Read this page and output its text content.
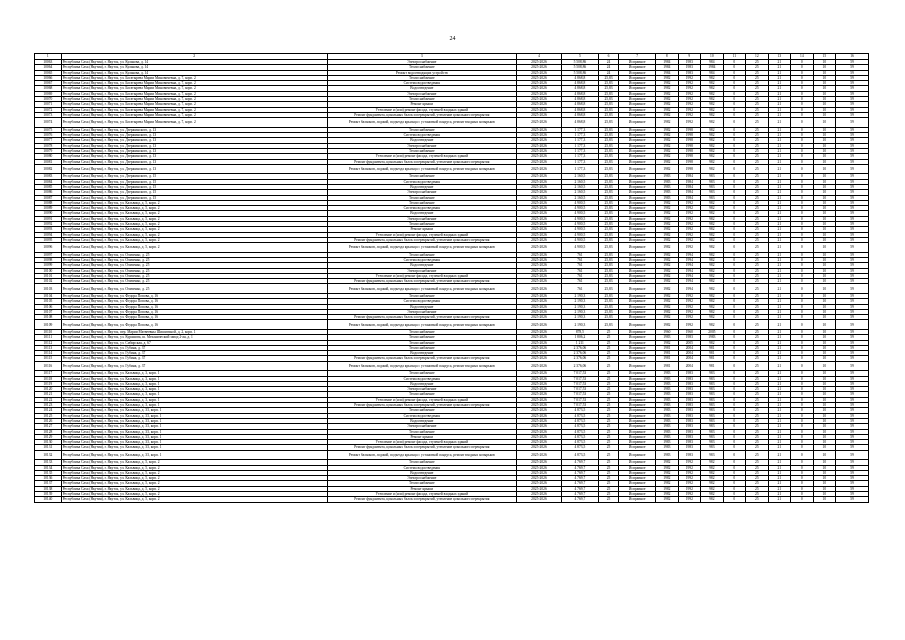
24
1	2	3	4	5	6	7	8	9	10	11	12	13	14	15	16
10063	Республика Саха (Якутия), г. Якутск, ул. Кулакова, д. 14	Электроснабжение	2025-2026	5 508,86	24	Исправное	1984	1983	984	0	25	21	0	10	59
10064	Республика Саха (Якутия), г. Якутск, ул. Кулакова, д. 14	Теплоснабжение	2025-2026	5 508,86	24	Исправное	1984	1983	1984	0	25	21	0	10	59
10065	Республика Саха (Якутия), г. Якутск, ул. Кулакова, д. 14	Ремонт водоотводящих устройств	2025-2026	5 508,86	24	Исправное	1984	1983	984	0	25	21	0	10	59
10066	Республика Саха (Якутия), г. Якутск, ул. Богатырева Марии Миновичевна, д. 7, корп. 2	Теплоснабжение	2025-2026	4 868,8	25,83	Исправное	1982	1992	982	0	25	21	0	10	59
10067	Республика Саха (Якутия), г. Якутск, ул. Богатырева Марии Миновичевна, д. 7, корп. 2	Система водоотведения	2025-2026	4 868,8	25,83	Исправное	1982	1992	982	0	25	21	0	10	59
10068	Республика Саха (Якутия), г. Якутск, ул. Богатырева Марии Миновичевна, д. 7, корп. 2	Водоотведение	2025-2026	4 868,8	25,83	Исправное	1982	1992	982	0	25	21	0	10	59
10069	Республика Саха (Якутия), г. Якутск, ул. Богатырева Марии Миновичевна, д. 7, корп. 2	Электроснабжение	2025-2026	4 868,8	25,83	Исправное	1982	1992	982	0	25	21	0	10	59
10070	Республика Саха (Якутия), г. Якутск, ул. Богатырева Марии Миновичевна, д. 7, корп. 2	Теплоснабжение	2025-2026	4 868,8	25,83	Исправное	1982	1992	982	0	25	21	0	10	59
10071	Республика Саха (Якутия), г. Якутск, ул. Богатырева Марии Миновичевна, д. 7, корп. 2	Ремонт крыши	2025-2026	4 868,8	25,83	Исправное	1982	1992	982	0	25	21	0	10	59
10072	Республика Саха (Якутия), г. Якутск, ул. Богатырева Марии Миновичевна, д. 7, корп. 2	Утепление и (или) ремонт фасада, ступеней входных зданий	2025-2026	4 868,8	25,83	Исправное	1982	1992	982	0	25	21	0	10	59
10073	Республика Саха (Якутия), г. Якутск, ул. Богатырева Марии Миновичевна, д. 7, корп. 2	Ремонт фундамента, цокольных балок и перекрытий, утепление цокольного перекрытия	2025-2026	4 868,8	25,83	Исправное	1982	1992	982	0	25	21	0	10	59
10074	Республика Саха (Якутия), г. Якутск, ул. Богатырева Марии Миновичевна, д. 7, корп. 2	Ремонт балконов, лоджий, подъезда крыльца с установкой пандуса, ремонт входных козырьков	2025-2026	4 868,8	25,83	Исправное	1982	1992	982	0	25	21	0	10	59
10075	Республика Саха (Якутия), г. Якутск, ул. Дзержинского, д. 13	Теплоснабжение	2025-2026	1 177,3	25,83	Исправное	1982	1998	982	0	25	21	0	10	59
10076	Республика Саха (Якутия), г. Якутск, ул. Дзержинского, д. 13	Система водоотведения	2025-2026	1 177,3	25,83	Исправное	1982	1998	982	0	25	21	0	10	59
10077	Республика Саха (Якутия), г. Якутск, ул. Дзержинского, д. 13	Водоотведение	2025-2026	1 177,3	25,83	Исправное	1982	1998	982	0	25	21	0	10	59
10078	Республика Саха (Якутия), г. Якутск, ул. Дзержинского, д. 13	Электроснабжение	2025-2026	1 177,3	25,83	Исправное	1982	1998	982	0	25	21	0	10	59
10079	Республика Саха (Якутия), г. Якутск, ул. Дзержинского, д. 13	Теплоснабжение	2025-2026	1 177,3	25,83	Исправное	1982	1998	982	0	25	21	0	10	59
10080	Республика Саха (Якутия), г. Якутск, ул. Дзержинского, д. 13	Утепление и (или) ремонт фасада, ступеней входных зданий	2025-2026	1 177,3	25,83	Исправное	1982	1998	982	0	25	21	0	10	59
10081	Республика Саха (Якутия), г. Якутск, ул. Дзержинского, д. 13	Ремонт фундамента, цокольных балок и перекрытий, утепление цокольного перекрытия	2025-2026	1 177,3	25,83	Исправное	1982	1998	982	0	25	21	0	10	59
10082	Республика Саха (Якутия), г. Якутск, ул. Дзержинского, д. 13	Ремонт балконов, лоджий, подъезда крыльца с установкой пандуса, ремонт входных козырьков	2025-2026	1 177,3	25,83	Исправное	1982	1998	982	0	25	21	0	10	59
10083	Республика Саха (Якутия), г. Якутск, ул. Дзержинского, д. 15	Теплоснабжение	2025-2026	2 160,5	25,83	Исправное	1983	1984	983	0	25	21	0	10	59
10084	Республика Саха (Якутия), г. Якутск, ул. Дзержинского, д. 15	Система водоотведения	2025-2026	2 160,5	25,83	Исправное	1983	1984	983	0	25	21	0	10	59
10085	Республика Саха (Якутия), г. Якутск, ул. Дзержинского, д. 15	Водоотведение	2025-2026	2 160,5	25,83	Исправное	1983	1984	983	0	25	21	0	10	59
10086	Республика Саха (Якутия), г. Якутск, ул. Дзержинского, д. 15	Электроснабжение	2025-2026	2 160,5	25,83	Исправное	1983	1984	983	0	25	21	0	10	59
10087	Республика Саха (Якутия), г. Якутск, ул. Дзержинского, д. 15	Теплоснабжение	2025-2026	2 160,5	25,83	Исправное	1983	1984	983	0	25	21	0	10	59
10088	Республика Саха (Якутия), г. Якутск, ул. Кальвица, д. 5, корп. 2	Теплоснабжение	2025-2026	4 900,5	25,83	Исправное	1982	1992	982	0	25	21	0	10	59
10089	Республика Саха (Якутия), г. Якутск, ул. Кальвица, д. 5, корп. 2	Система водоотведения	2025-2026	4 900,5	25,83	Исправное	1982	1992	982	0	25	21	0	10	59
10090	Республика Саха (Якутия), г. Якутск, ул. Кальвица, д. 5, корп. 2	Водоотведение	2025-2026	4 900,5	25,83	Исправное	1982	1992	982	0	25	21	0	10	59
10091	Республика Саха (Якутия), г. Якутск, ул. Кальвица, д. 5, корп. 2	Электроснабжение	2025-2026	4 900,5	25,83	Исправное	1982	1992	982	0	25	21	0	10	59
10092	Республика Саха (Якутия), г. Якутск, ул. Кальвица, д. 5, корп. 2	Теплоснабжение	2025-2026	4 900,5	25,83	Исправное	1982	1992	982	0	25	21	0	10	59
10093	Республика Саха (Якутия), г. Якутск, ул. Кальвица, д. 5, корп. 2	Ремонт крыши	2025-2026	4 900,5	25,83	Исправное	1982	1992	982	0	25	21	0	10	59
10094	Республика Саха (Якутия), г. Якутск, ул. Кальвица, д. 5, корп. 2	Утепление и (или) ремонт фасада, ступеней входных зданий	2025-2026	4 900,5	25,83	Исправное	1982	1992	982	0	25	21	0	10	59
10095	Республика Саха (Якутия), г. Якутск, ул. Кальвица, д. 5, корп. 2	Ремонт фундамента, цокольных балок и перекрытий, утепление цокольного перекрытия	2025-2026	4 900,5	25,83	Исправное	1982	1992	982	0	25	21	0	10	59
10096	Республика Саха (Якутия), г. Якутск, ул. Кальвица, д. 5, корп. 2	Ремонт балконов, лоджий, подъезда крыльца с установкой пандуса, ремонт входных козырьков	2025-2026	4 900,5	25,83	Исправное	1982	1992	982	0	25	21	0	10	59
10097	Республика Саха (Якутия), г. Якутск, ул. Очиченко, д. 25	Теплоснабжение	2025-2026	761	25,83	Исправное	1982	1994	982	0	25	21	0	10	59
10098	Республика Саха (Якутия), г. Якутск, ул. Очиченко, д. 25	Система водоотведения	2025-2026	761	25,83	Исправное	1982	1994	982	0	25	21	0	10	59
10099	Республика Саха (Якутия), г. Якутск, ул. Очиченко, д. 25	Водоотведение	2025-2026	761	25,83	Исправное	1982	1994	982	0	25	21	0	10	59
10100	Республика Саха (Якутия), г. Якутск, ул. Очиченко, д. 25	Электроснабжение	2025-2026	761	25,83	Исправное	1982	1994	982	0	25	21	0	10	59
10101	Республика Саха (Якутия), г. Якутск, ул. Очиченко, д. 25	Утепление и (или) ремонт фасада, ступеней входных зданий	2025-2026	761	25,83	Исправное	1982	1994	982	0	25	21	0	10	59
10102	Республика Саха (Якутия), г. Якутск, ул. Очиченко, д. 25	Ремонт фундамента, цокольных балок и перекрытий, утепление цокольного перекрытия	2025-2026	761	25,83	Исправное	1982	1994	982	0	25	21	0	10	59
10103	Республика Саха (Якутия), г. Якутск, ул. Очиченко, д. 25	Ремонт балконов, лоджий, подъезда крыльца с установкой пандуса, ремонт входных козырьков	2025-2026	761	25,83	Исправное	1982	1994	982	0	25	21	0	10	59
10104	Республика Саха (Якутия), г. Якутск, ул. Федора Попова, д. 16	Теплоснабжение	2025-2026	2 190,3	25,83	Исправное	1982	1992	982	0	25	21	0	10	59
10105	Республика Саха (Якутия), г. Якутск, ул. Федора Попова, д. 16	Система водоотведения	2025-2026	2 190,3	25,83	Исправное	1982	1992	982	0	25	21	0	10	59
10106	Республика Саха (Якутия), г. Якутск, ул. Федора Попова, д. 16	Водоотведение	2025-2026	2 190,3	25,83	Исправное	1982	1992	982	0	25	21	0	10	59
10107	Республика Саха (Якутия), г. Якутск, ул. Федора Попова, д. 16	Электроснабжение	2025-2026	2 190,3	25,83	Исправное	1982	1992	982	0	25	21	0	10	59
10108	Республика Саха (Якутия), г. Якутск, ул. Федора Попова, д. 16	Ремонт фундамента, цокольных балок и перекрытий, утепление цокольного перекрытия	2025-2026	2 190,3	25,83	Исправное	1982	1992	982	0	25	21	0	10	59
10109	Республика Саха (Якутия), г. Якутск, ул. Федора Попова, д. 16	Ремонт балконов, лоджий, подъезда крыльца с установкой пандуса, ремонт входных козырьков	2025-2026	2 190,3	25,83	Исправное	1982	1992	982	0	25	21	0	10	59
10110	Республика Саха (Якутия), г. Якутск, пер. Марии Матвеевны Шишигиной, д. 2, корп. 1	Теплоснабжение	2025-2026	878,5	25	Исправное	1960	1960	2005	0	25	21	0	10	59
10111	Республика Саха (Якутия), г. Якутск, ул. Курашова, ш. Механический завод 2-ая, д. 1	Теплоснабжение	2025-2026	1 806,2	25	Исправное	1983	1983	1983	0	25	21	0	10	59
10112	Республика Саха (Якутия), г. Якутск, ул. Сибирская, д. 67	Теплоснабжение	2025-2026	1 211	25	Исправное	1982	2005	982	0	25	21	0	10	59
10113	Республика Саха (Якутия), г. Якутск, ул. Губина, д. 37	Теплоснабжение	2025-2026	2 376,06	25	Исправное	1981	2004	981	0	25	21	0	10	59
10114	Республика Саха (Якутия), г. Якутск, ул. Губина, д. 37	Водоотведение	2025-2026	2 376,06	25	Исправное	1981	2004	981	0	25	21	0	10	59
10115	Республика Саха (Якутия), г. Якутск, ул. Губина, д. 37	Ремонт фундамента, цокольных балок и перекрытий, утепление цокольного перекрытия	2025-2026	2 376,06	25	Исправное	1981	2004	981	0	25	21	0	10	59
10116	Республика Саха (Якутия), г. Якутск, ул. Губина, д. 37	Ремонт балконов, лоджий, подъезда крыльца с установкой пандуса, ремонт входных козырьков	2025-2026	2 376,06	25	Исправное	1981	2004	981	0	25	21	0	10	59
10117	Республика Саха (Якутия), г. Якутск, ул. Кальвица, д. 3, корп. 1	Теплоснабжение	2025-2026	7 017,53	25	Исправное	1983	1983	983	0	25	21	0	10	59
10118	Республика Саха (Якутия), г. Якутск, ул. Кальвица, д. 3, корп. 1	Система водоотведения	2025-2026	7 017,53	25	Исправное	1983	1983	983	0	25	21	0	10	59
10119	Республика Саха (Якутия), г. Якутск, ул. Кальвица, д. 3, корп. 1	Водоотведение	2025-2026	7 017,53	25	Исправное	1983	1983	983	0	25	21	0	10	59
10120	Республика Саха (Якутия), г. Якутск, ул. Кальвица, д. 3, корп. 1	Электроснабжение	2025-2026	7 017,53	25	Исправное	1983	1983	983	0	25	21	0	10	59
10121	Республика Саха (Якутия), г. Якутск, ул. Кальвица, д. 3, корп. 1	Теплоснабжение	2025-2026	7 017,53	25	Исправное	1983	1983	983	0	25	21	0	10	59
10122	Республика Саха (Якутия), г. Якутск, ул. Кальвица, д. 3, корп. 1	Утепление и (или) ремонт фасада, ступеней входных зданий	2025-2026	7 017,53	25	Исправное	1983	1983	983	0	25	21	0	10	59
10123	Республика Саха (Якутия), г. Якутск, ул. Кальвица, д. 3, корп. 1	Ремонт фундамента, цокольных балок и перекрытий, утепление цокольного перекрытия	2025-2026	7 017,53	25	Исправное	1983	1983	983	0	25	21	0	10	59
10124	Республика Саха (Якутия), г. Якутск, ул. Кальвица, д. 33, корп. 1	Теплоснабжение	2025-2026	4 873,5	25	Исправное	1983	1983	983	0	25	21	0	10	59
10125	Республика Саха (Якутия), г. Якутск, ул. Кальвица, д. 33, корп. 1	Система водоотведения	2025-2026	4 873,5	25	Исправное	1983	1983	983	0	25	21	0	10	59
10126	Республика Саха (Якутия), г. Якутск, ул. Кальвица, д. 33, корп. 1	Водоотведение	2025-2026	4 873,5	25	Исправное	1983	1983	983	0	25	21	0	10	59
10127	Республика Саха (Якутия), г. Якутск, ул. Кальвица, д. 33, корп. 1	Электроснабжение	2025-2026	4 873,5	25	Исправное	1983	1983	983	0	25	21	0	10	59
10128	Республика Саха (Якутия), г. Якутск, ул. Кальвица, д. 33, корп. 1	Теплоснабжение	2025-2026	4 873,5	25	Исправное	1983	1983	983	0	25	21	0	10	59
10129	Республика Саха (Якутия), г. Якутск, ул. Кальвица, д. 33, корп. 1	Ремонт крыши	2025-2026	4 873,5	25	Исправное	1983	1983	983	0	25	21	0	10	59
10130	Республика Саха (Якутия), г. Якутск, ул. Кальвица, д. 33, корп. 1	Утепление и (или) ремонт фасада, ступеней входных зданий	2025-2026	4 873,5	25	Исправное	1983	1983	983	0	25	21	0	10	59
10131	Республика Саха (Якутия), г. Якутск, ул. Кальвица, д. 33, корп. 1	Ремонт фундамента, цокольных балок и перекрытий, утепление цокольного перекрытия	2025-2026	4 873,5	25	Исправное	1983	1983	983	0	25	21	0	10	59
10132	Республика Саха (Якутия), г. Якутск, ул. Кальвица, д. 33, корп. 1	Ремонт балконов, лоджий, подъезда крыльца с установкой пандуса, ремонт входных козырьков	2025-2026	4 873,5	25	Исправное	1983	1983	983	0	25	21	0	10	59
10133	Республика Саха (Якутия), г. Якутск, ул. Кальвица, д. 5, корп. 2	Теплоснабжение	2025-2026	4 769,7	25	Исправное	1982	1992	982	0	25	21	0	10	59
10134	Республика Саха (Якутия), г. Якутск, ул. Кальвица, д. 5, корп. 2	Система водоотведения	2025-2026	4 769,7	25	Исправное	1982	1992	982	0	25	21	0	10	59
10135	Республика Саха (Якутия), г. Якутск, ул. Кальвица, д. 5, корп. 2	Водоотведение	2025-2026	4 769,7	25	Исправное	1982	1992	982	0	25	21	0	10	59
10136	Республика Саха (Якутия), г. Якутск, ул. Кальвица, д. 5, корп. 2	Электроснабжение	2025-2026	4 769,7	25	Исправное	1982	1992	982	0	25	21	0	10	59
10137	Республика Саха (Якутия), г. Якутск, ул. Кальвица, д. 5, корп. 2	Теплоснабжение	2025-2026	4 769,7	25	Исправное	1982	1992	982	0	25	21	0	10	59
10138	Республика Саха (Якутия), г. Якутск, ул. Кальвица, д. 5, корп. 2	Ремонт крыши	2025-2026	4 769,7	25	Исправное	1982	1992	982	0	25	21	0	10	59
10139	Республика Саха (Якутия), г. Якутск, ул. Кальвица, д. 5, корп. 2	Утепление и (или) ремонт фасада, ступеней входных зданий	2025-2026	4 769,7	25	Исправное	1982	1992	982	0	25	21	0	10	59
10140	Республика Саха (Якутия), г. Якутск, ул. Кальвица, д. 5, корп. 2	Ремонт фундамента, цокольных балок и перекрытий, утепление цокольного перекрытия	2025-2026	4 769,7	25	Исправное	1982	1992	982	0	25	21	0	10	59
